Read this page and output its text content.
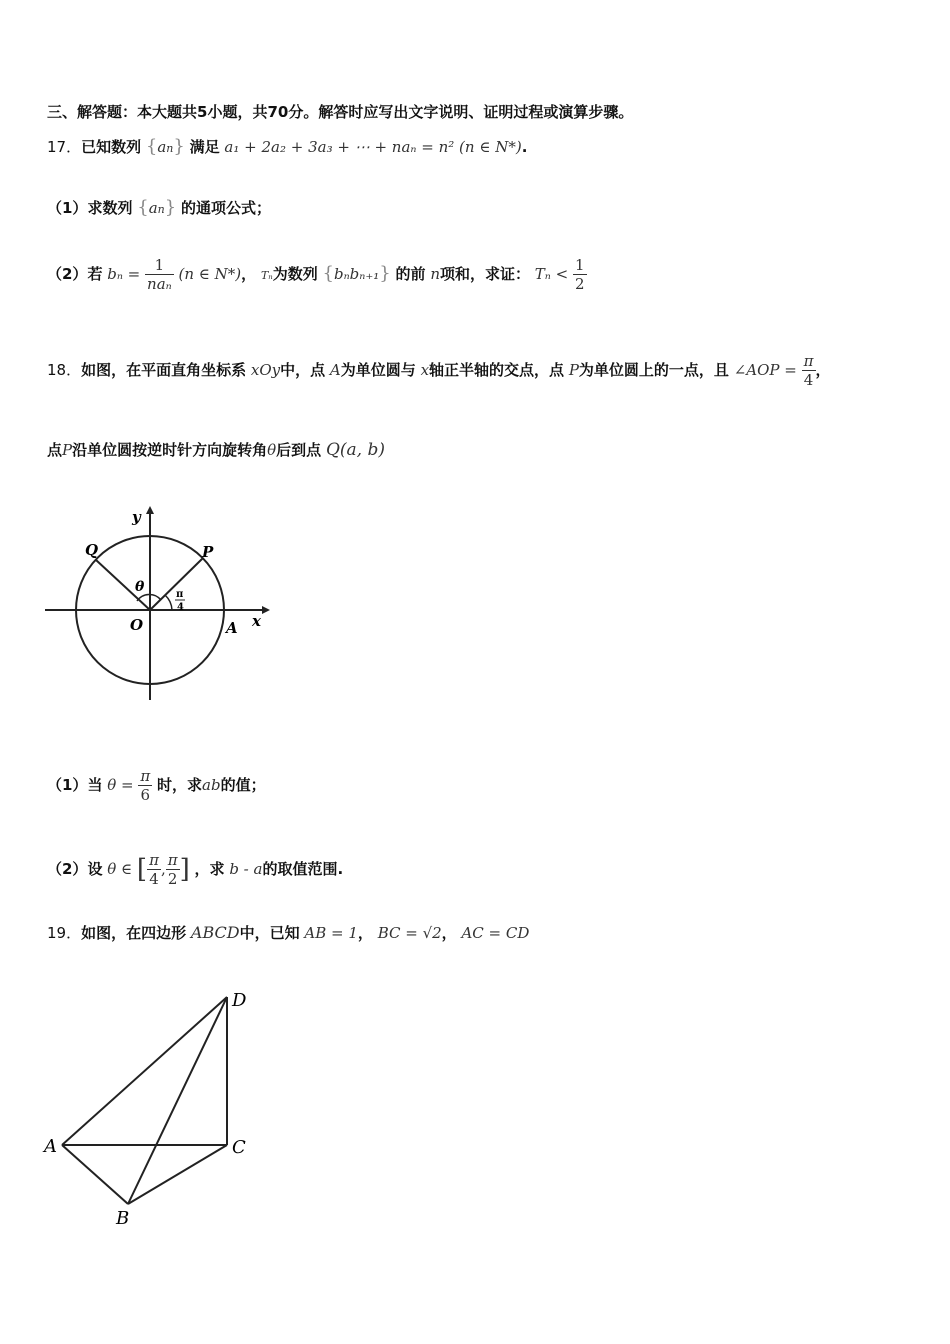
三、解答题：本大题共5小题，共70分。解答时应写出文字说明、证明过程或演算步骤。
17．已知数列 {an} 满足 a₁ + 2a₂ + 3a₃ + ⋯ + naₙ = n² (n ∈ N*).
（1）求数列 {an} 的通项公式；
（2）若 $b_n = \frac{1}{\text{naₙ}} (n$ ∈ N*)， Tₙ为数列 {bₙbₙ₊₁} 的前 n项和，求证： $T_n < \frac{1}{2}$
18．如图，在平面直角坐标系 xOy中，点 A为单位圆与 x轴正半轴的交点，点 P为单位圆上的一点，且 ∠AOP = $\frac{\pi}{4}$ ，
点P沿单位圆按逆时针方向旋转角θ后到点 Q(a, b)
y
x
O	A
P
Q
θ	π
4
（1）当 $\theta = \frac{\pi}{6}$ 时，求ab的值；
（2）设 θ ∈ [ $\frac{\pi}{4}$ , $\frac{\pi}{2}$ ] ，求 b - a的取值范围.
19．如图，在四边形 ABCD中，已知 AB = 1， BC = √2， AC = CD
A
B
C
D
